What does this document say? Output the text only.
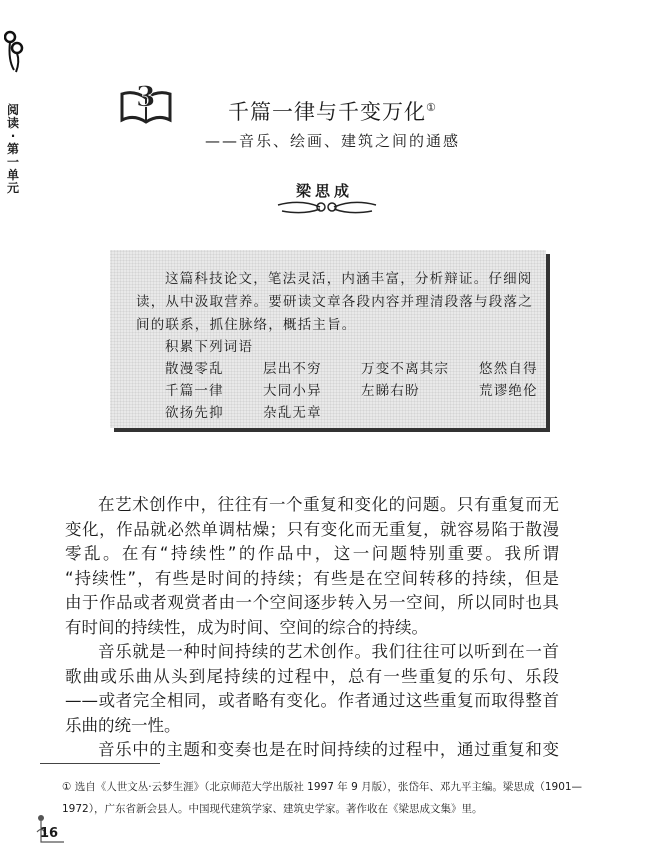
阅
读
·
第
一
单
元
3	千篇一律与千变万化①
——音乐、绘画、建筑之间的通感
梁思成
这篇科技论文，笔法灵活，内涵丰富，分析辩证。仔细阅
读，从中汲取营养。要研读文章各段内容并理清段落与段落之
间的联系，抓住脉络，概括主旨。
积累下列词语
散漫零乱	层出不穷	万变不离其宗 悠然自得
千篇一律	大同小异	左睇右盼	荒谬绝伦
欲扬先抑	杂乱无章
在艺术创作中，往往有一个重复和变化的问题。只有重复而无
变化，作品就必然单调枯燥；只有变化而无重复，就容易陷于散漫
零乱。在有“持续性”的作品中，这一问题特别重要。我所谓
“持续性”，有些是时间的持续；有些是在空间转移的持续，但是
由于作品或者观赏者由一个空间逐步转入另一空间，所以同时也具
有时间的持续性，成为时间、空间的综合的持续。
音乐就是一种时间持续的艺术创作。我们往往可以听到在一首
歌曲或乐曲从头到尾持续的过程中，总有一些重复的乐句、乐段
——或者完全相同，或者略有变化。作者通过这些重复而取得整首
乐曲的统一性。
音乐中的主题和变奏也是在时间持续的过程中，通过重复和变
① 选自《人世文丛·云梦生涯》（北京师范大学出版社 1997 年 9 月版），张岱年、邓九平主编。梁思成（1901—
1972），广东省新会县人。中国现代建筑学家、建筑史学家。著作收在《梁思成文集》里。
16
